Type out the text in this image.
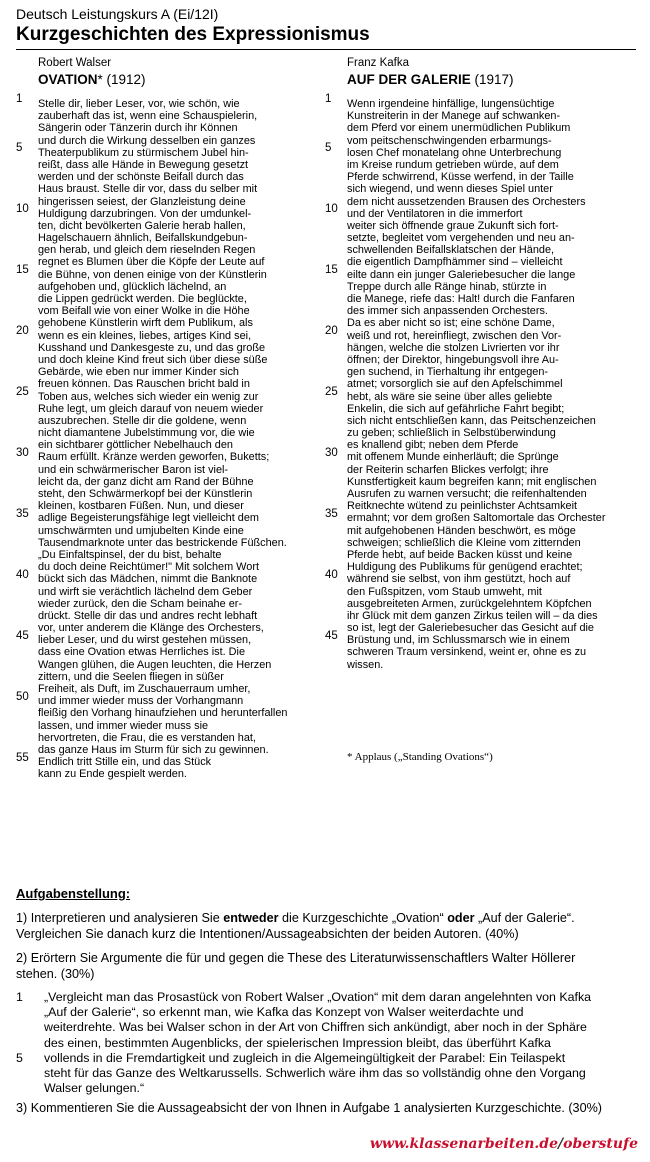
Deutsch Leistungskurs A (Ei/12I)
Kurzgeschichten des Expressionismus
1
5
10
15
20
25
30
35
40
45
50
55
1
5
10
15
20
25
30
35
40
45
Robert Walser
OVATION* (1912)
Stelle dir, lieber Leser, vor, wie schön, wie
zauberhaft das ist, wenn eine Schauspielerin,
Sängerin oder Tänzerin durch ihr Können
und durch die Wirkung desselben ein ganzes
Theaterpublikum zu stürmischem Jubel hin-
reißt, dass alle Hände in Bewegung gesetzt
werden und der schönste Beifall durch das
Haus braust. Stelle dir vor, dass du selber mit
hingerissen seiest, der Glanzleistung deine
Huldigung darzubringen. Von der umdunkel-
ten, dicht bevölkerten Galerie herab hallen,
Hagelschauern ähnlich, Beifallskundgebun-
gen herab, und gleich dem rieselnden Regen
regnet es Blumen über die Köpfe der Leute auf
die Bühne, von denen einige von der Künstlerin
aufgehoben und, glücklich lächelnd, an
die Lippen gedrückt werden. Die beglückte,
vom Beifall wie von einer Wolke in die Höhe
gehobene Künstlerin wirft dem Publikum, als
wenn es ein kleines, liebes, artiges Kind sei,
Kusshand und Dankesgeste zu, und das große
und doch kleine Kind freut sich über diese süße
Gebärde, wie eben nur immer Kinder sich
freuen können. Das Rauschen bricht bald in
Toben aus, welches sich wieder ein wenig zur
Ruhe legt, um gleich darauf von neuem wieder
auszubrechen. Stelle dir die goldene, wenn
nicht diamantene Jubelstimmung vor, die wie
ein sichtbarer göttlicher Nebelhauch den
Raum erfüllt. Kränze werden geworfen, Buketts;
und ein schwärmerischer Baron ist viel-
leicht da, der ganz dicht am Rand der Bühne
steht, den Schwärmerkopf bei der Künstlerin
kleinen, kostbaren Füßen. Nun, und dieser
adlige Begeisterungsfähige legt vielleicht dem
umschwärmten und umjubelten Kinde eine
Tausendmarknote unter das bestrickende Füßchen.
„Du Einfaltspinsel, der du bist, behalte
du doch deine Reichtümer!" Mit solchem Wort
bückt sich das Mädchen, nimmt die Banknote
und wirft sie verächtlich lächelnd dem Geber
wieder zurück, den die Scham beinahe er-
drückt. Stelle dir das und andres recht lebhaft
vor, unter anderem die Klänge des Orchesters,
lieber Leser, und du wirst gestehen müssen,
dass eine Ovation etwas Herrliches ist. Die
Wangen glühen, die Augen leuchten, die Herzen
zittern, und die Seelen fliegen in süßer
Freiheit, als Duft, im Zuschauerraum umher,
und immer wieder muss der Vorhangmann
fleißig den Vorhang hinaufziehen und herunterfallen
lassen, und immer wieder muss sie
hervortreten, die Frau, die es verstanden hat,
das ganze Haus im Sturm für sich zu gewinnen.
Endlich tritt Stille ein, und das Stück
kann zu Ende gespielt werden.
Franz Kafka
AUF DER GALERIE (1917)
Wenn irgendeine hinfällige, lungensüchtige
Kunstreiterin in der Manege auf schwanken-
dem Pferd vor einem unermüdlichen Publikum
vom peitschenschwingenden erbarmungs-
losen Chef monatelang ohne Unterbrechung
im Kreise rundum getrieben würde, auf dem
Pferde schwirrend, Küsse werfend, in der Taille
sich wiegend, und wenn dieses Spiel unter
dem nicht aussetzenden Brausen des Orchesters
und der Ventilatoren in die immerfort
weiter sich öffnende graue Zukunft sich fort-
setzte, begleitet vom vergehenden und neu an-
schwellenden Beifallsklatschen der Hände,
die eigentlich Dampfhämmer sind – vielleicht
eilte dann ein junger Galeriebesucher die lange
Treppe durch alle Ränge hinab, stürzte in
die Manege, riefe das: Halt! durch die Fanfaren
des immer sich anpassenden Orchesters.
Da es aber nicht so ist; eine schöne Dame,
weiß und rot, hereinfliegt, zwischen den Vor-
hängen, welche die stolzen Livrierten vor ihr
öffnen; der Direktor, hingebungsvoll ihre Au-
gen suchend, in Tierhaltung ihr entgegen-
atmet; vorsorglich sie auf den Apfelschimmel
hebt, als wäre sie seine über alles geliebte
Enkelin, die sich auf gefährliche Fahrt begibt;
sich nicht entschließen kann, das Peitschenzeichen
zu geben; schließlich in Selbstüberwindung
es knallend gibt; neben dem Pferde
mit offenem Munde einherläuft; die Sprünge
der Reiterin scharfen Blickes verfolgt; ihre
Kunstfertigkeit kaum begreifen kann; mit englischen
Ausrufen zu warnen versucht; die reifenhaltenden
Reitknechte wütend zu peinlichster Achtsamkeit
ermahnt; vor dem großen Saltomortale das Orchester
mit aufgehobenen Händen beschwört, es möge
schweigen; schließlich die Kleine vom zitternden
Pferde hebt, auf beide Backen küsst und keine
Huldigung des Publikums für genügend erachtet;
während sie selbst, von ihm gestützt, hoch auf
den Fußspitzen, vom Staub umweht, mit
ausgebreiteten Armen, zurückgelehntem Köpfchen
ihr Glück mit dem ganzen Zirkus teilen will – da dies
so ist, legt der Galeriebesucher das Gesicht auf die
Brüstung und, im Schlussmarsch wie in einem
schweren Traum versinkend, weint er, ohne es zu
wissen.
* Applaus („Standing Ovations“)
Aufgabenstellung:
1) Interpretieren und analysieren Sie entweder die Kurzgeschichte „Ovation“ oder „Auf der Galerie“.
Vergleichen Sie danach kurz die Intentionen/Aussageabsichten der beiden Autoren. (40%)
2) Erörtern Sie Argumente die für und gegen die These des Literaturwissenschaftlers Walter Höllerer
stehen. (30%)
1
5
„Vergleicht man das Prosastück von Robert Walser „Ovation“ mit dem daran angelehnten von Kafka
„Auf der Galerie“, so erkennt man, wie Kafka das Konzept von Walser weiterdachte und
weiterdrehte. Was bei Walser schon in der Art von Chiffren sich ankündigt, aber noch in der Sphäre
des einen, bestimmten Augenblicks, der spielerischen Impression bleibt, das überführt Kafka
vollends in die Fremdartigkeit und zugleich in die Algemeingültigkeit der Parabel: Ein Teilaspekt
steht für das Ganze des Weltkarussells. Schwerlich wäre ihm das so vollständig ohne den Vorgang
Walser gelungen.“
3) Kommentieren Sie die Aussageabsicht der von Ihnen in Aufgabe 1 analysierten Kurzgeschichte. (30%)
www.klassenarbeiten.de/oberstufe
